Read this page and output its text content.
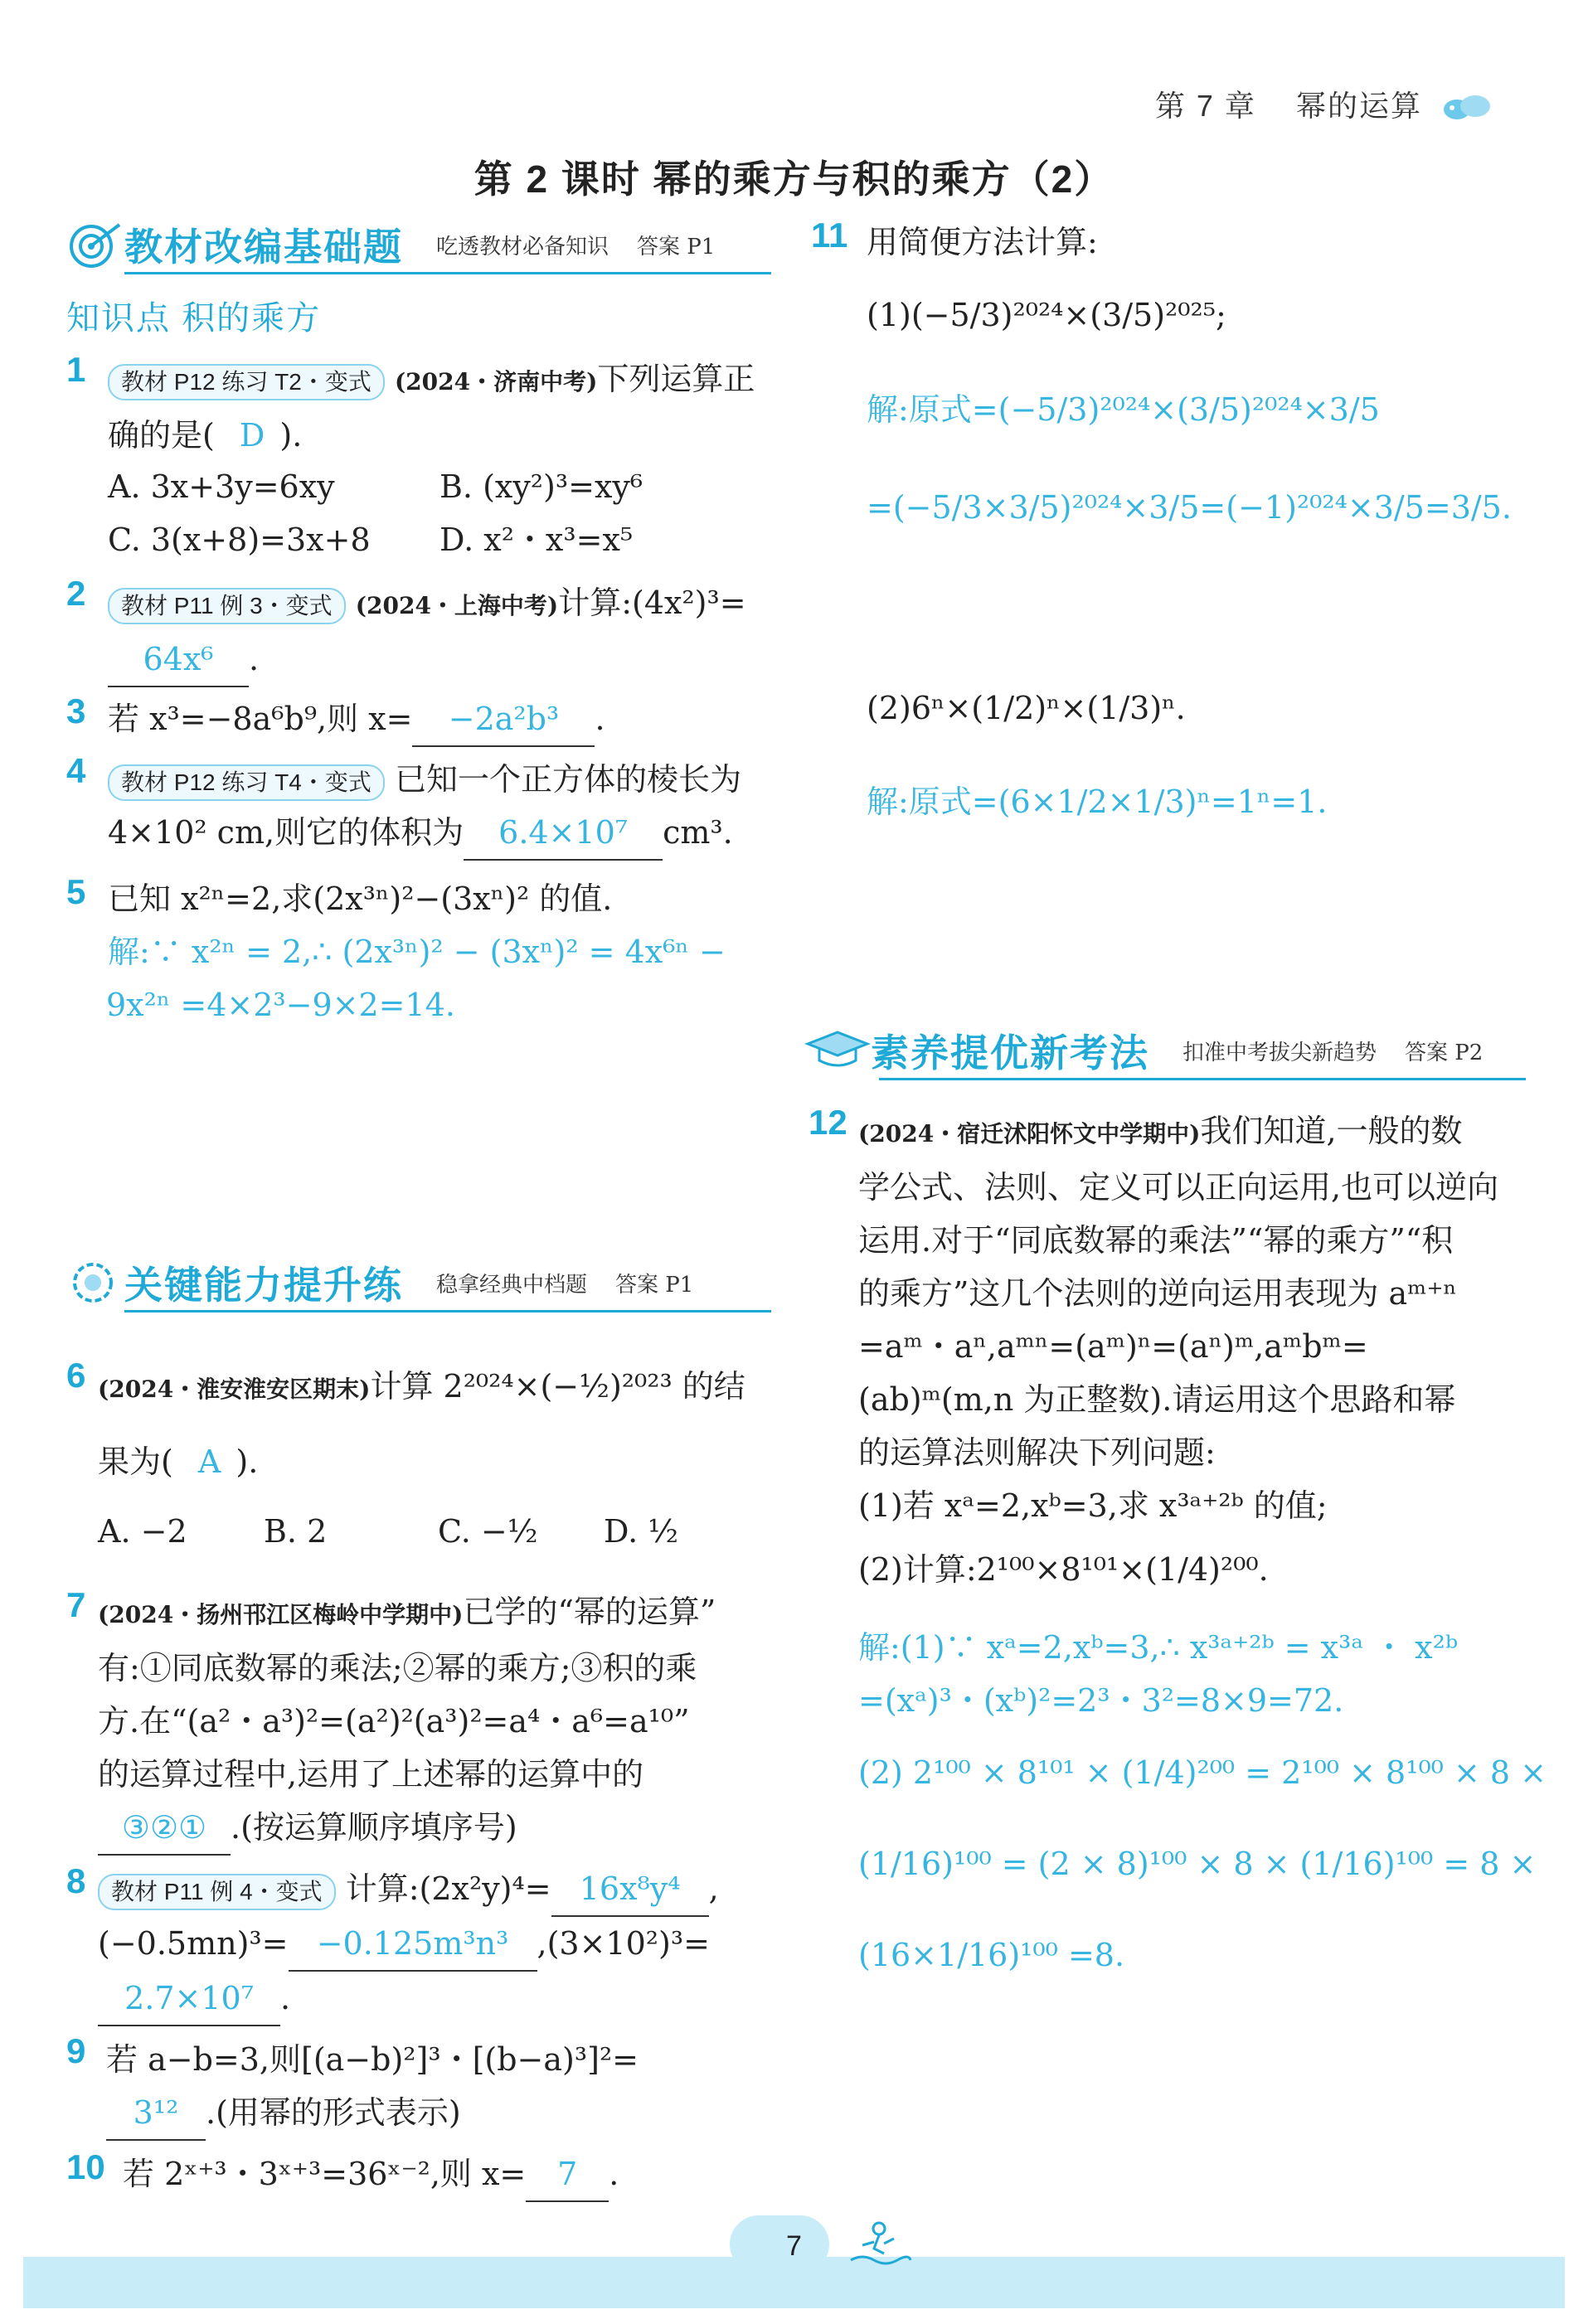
第 7 章 幂的运算
第 2 课时 幂的乘方与积的乘方（2）
教材改编基础题 吃透教材必备知识 答案 P1
知识点 积的乘方
1	教材 P12 练习 T2・变式 (2024・济南中考)下列运算正
确的是( D ).
A. 3x+3y=6xy	B. (xy²)³=xy⁶
C. 3(x+8)=3x+8 D. x²・x³=x⁵
2	教材 P11 例 3・变式 (2024・上海中考)计算:(4x²)³=
64x⁶ .
3 若 x³=−8a⁶b⁹,则 x= −2a²b³ .
4	教材 P12 练习 T4・变式 已知一个正方体的棱长为
4×10² cm,则它的体积为 6.4×10⁷ cm³.
5 已知 x²ⁿ=2,求(2x³ⁿ)²−(3xⁿ)² 的值.
解:∵ x²ⁿ = 2,∴ (2x³ⁿ)² − (3xⁿ)² = 4x⁶ⁿ −
9x²ⁿ =4×2³−9×2=14.
关键能力提升练 稳拿经典中档题 答案 P1
6 (2024・淮安淮安区期末)计算 2²⁰²⁴×(−½)²⁰²³ 的结
果为( A ).
A. −2 B. 2	C. −½ D. ½
7 (2024・扬州邗江区梅岭中学期中)已学的“幂的运算”
有:①同底数幂的乘法;②幂的乘方;③积的乘
方.在“(a²・a³)²=(a²)²(a³)²=a⁴・a⁶=a¹⁰”
的运算过程中,运用了上述幂的运算中的
③②① .(按运算顺序填序号)
8	教材 P11 例 4・变式 计算:(2x²y)⁴= 16x⁸y⁴ ,
(−0.5mn)³= −0.125m³n³ ,(3×10²)³=
2.7×10⁷ .
9 若 a−b=3,则[(a−b)²]³・[(b−a)³]²=
3¹² .(用幂的形式表示)
10 若 2ˣ⁺³・3ˣ⁺³=36ˣ⁻²,则 x= 7 .
11 用简便方法计算:
(1)(−5/3)²⁰²⁴×(3/5)²⁰²⁵;
解:原式=(−5/3)²⁰²⁴×(3/5)²⁰²⁴×3/5
=(−5/3×3/5)²⁰²⁴×3/5=(−1)²⁰²⁴×3/5=3/5.
(2)6ⁿ×(1/2)ⁿ×(1/3)ⁿ.
解:原式=(6×1/2×1/3)ⁿ=1ⁿ=1.
素养提优新考法 扣准中考拔尖新趋势 答案 P2
12 (2024・宿迁沭阳怀文中学期中)我们知道,一般的数
学公式、法则、定义可以正向运用,也可以逆向
运用.对于“同底数幂的乘法”“幂的乘方”“积
的乘方”这几个法则的逆向运用表现为 aᵐ⁺ⁿ
=aᵐ・aⁿ,aᵐⁿ=(aᵐ)ⁿ=(aⁿ)ᵐ,aᵐbᵐ=
(ab)ᵐ(m,n 为正整数).请运用这个思路和幂
的运算法则解决下列问题:
(1)若 xᵃ=2,xᵇ=3,求 x³ᵃ⁺²ᵇ 的值;
(2)计算:2¹⁰⁰×8¹⁰¹×(1/4)²⁰⁰.
解:(1)∵ xᵃ=2,xᵇ=3,∴ x³ᵃ⁺²ᵇ = x³ᵃ ・ x²ᵇ
=(xᵃ)³・(xᵇ)²=2³・3²=8×9=72.
(2) 2¹⁰⁰ × 8¹⁰¹ × (1/4)²⁰⁰ = 2¹⁰⁰ × 8¹⁰⁰ × 8 ×
(1/16)¹⁰⁰ = (2 × 8)¹⁰⁰ × 8 × (1/16)¹⁰⁰ = 8 ×
(16×1/16)¹⁰⁰ =8.
7
